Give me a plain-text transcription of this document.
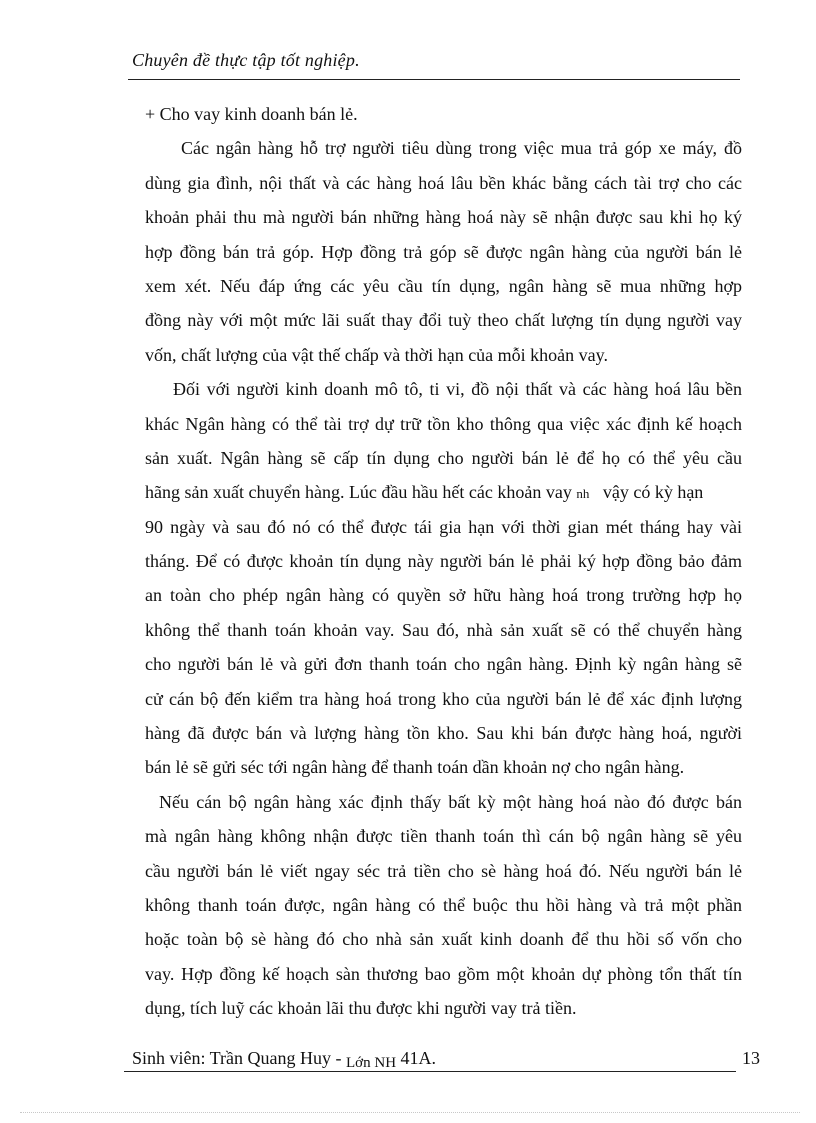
Chuyên đề thực tập tốt nghiệp.
+ Cho vay kinh doanh bán lẻ.
Các ngân hàng hỗ trợ người tiêu dùng trong việc mua trả góp xe máy, đồ
dùng gia đình, nội thất và các hàng hoá lâu bền khác bằng cách tài trợ cho các
khoản phải thu mà người bán những hàng hoá này sẽ nhận được sau khi họ ký
hợp đồng bán trả góp. Hợp đồng trả góp sẽ được ngân hàng của người bán lẻ
xem xét. Nếu đáp ứng các yêu cầu tín dụng, ngân hàng sẽ mua những hợp
đồng này với một mức lãi suất thay đổi tuỳ theo chất lượng tín dụng người vay
vốn, chất lượng của vật thế chấp và thời hạn của mỗi khoản vay.
Đối với người kinh doanh mô tô, ti vi, đồ nội thất và các hàng hoá lâu bền
khác Ngân hàng có thể tài trợ dự trữ tồn kho thông qua việc xác định kế hoạch
sản xuất. Ngân hàng sẽ cấp tín dụng cho người bán lẻ để họ có thể yêu cầu
hãng sản xuất chuyển hàng. Lúc đầu hầu hết các khoản vay nh vậy có kỳ hạn
90 ngày và sau đó nó có thể được tái gia hạn với thời gian mét tháng hay vài
tháng. Để có được khoản tín dụng này người bán lẻ phải ký hợp đồng bảo đảm
an toàn cho phép ngân hàng có quyền sở hữu hàng hoá trong trường hợp họ
không thể thanh toán khoản vay. Sau đó, nhà sản xuất sẽ có thể chuyển hàng
cho người bán lẻ và gửi đơn thanh toán cho ngân hàng. Định kỳ ngân hàng sẽ
cử cán bộ đến kiểm tra hàng hoá trong kho của người bán lẻ để xác định lượng
hàng đã được bán và lượng hàng tồn kho. Sau khi bán được hàng hoá, người
bán lẻ sẽ gửi séc tới ngân hàng để thanh toán dần khoản nợ cho ngân hàng.
Nếu cán bộ ngân hàng xác định thấy bất kỳ một hàng hoá nào đó được bán
mà ngân hàng không nhận được tiền thanh toán thì cán bộ ngân hàng sẽ yêu
cầu người bán lẻ viết ngay séc trả tiền cho sè hàng hoá đó. Nếu người bán lẻ
không thanh toán được, ngân hàng có thể buộc thu hồi hàng và trả một phần
hoặc toàn bộ sè hàng đó cho nhà sản xuất kinh doanh để thu hồi số vốn cho
vay. Hợp đồng kế hoạch sàn thương bao gồm một khoản dự phòng tổn thất tín
dụng, tích luỹ các khoản lãi thu được khi người vay trả tiền.
Sinh viên: Trần Quang Huy - Lớn NH 41A.	13
